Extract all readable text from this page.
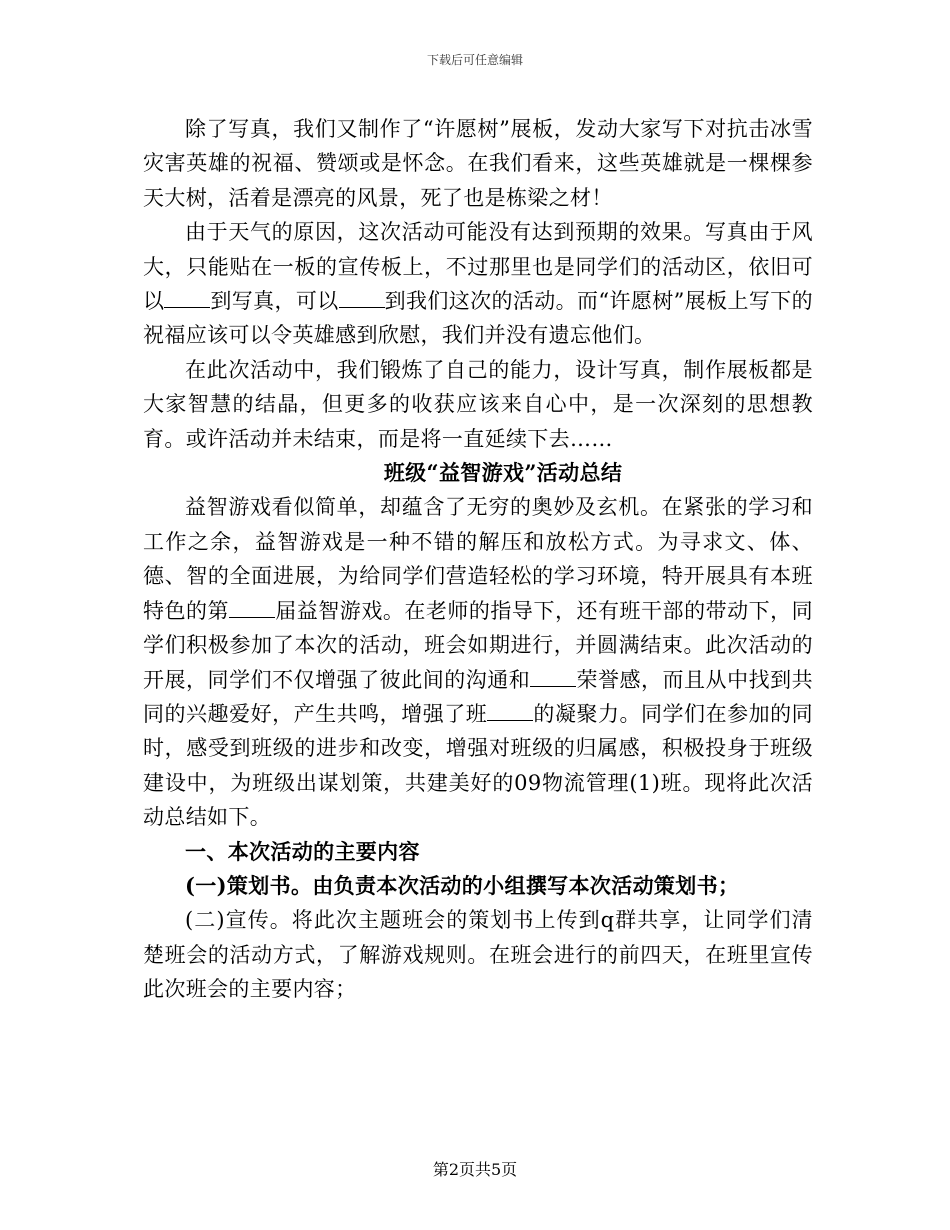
下载后可任意编辑

除了写真，我们又制作了“许愿树”展板，发动大家写下对抗击冰雪灾害英雄的祝福、赞颂或是怀念。在我们看来，这些英雄就是一棵棵参天大树，活着是漂亮的风景，死了也是栋梁之材！

由于天气的原因，这次活动可能没有达到预期的效果。写真由于风大，只能贴在一板的宣传板上，不过那里也是同学们的活动区，依旧可以 到写真，可以 到我们这次的活动。而“许愿树”展板上写下的祝福应该可以令英雄感到欣慰，我们并没有遗忘他们。

在此次活动中，我们锻炼了自己的能力，设计写真，制作展板都是大家智慧的结晶，但更多的收获应该来自心中，是一次深刻的思想教育。或许活动并未结束，而是将一直延续下去……

班级“益智游戏”活动总结

益智游戏看似简单，却蕴含了无穷的奥妙及玄机。在紧张的学习和工作之余，益智游戏是一种不错的解压和放松方式。为寻求文、体、德、智的全面进展，为给同学们营造轻松的学习环境，特开展具有本班特色的第 届益智游戏。在老师的指导下，还有班干部的带动下，同学们积极参加了本次的活动，班会如期进行，并圆满结束。此次活动的开展，同学们不仅增强了彼此间的沟通和 荣誉感，而且从中找到共同的兴趣爱好，产生共鸣，增强了班 的凝聚力。同学们在参加的同时，感受到班级的进步和改变，增强对班级的归属感，积极投身于班级建设中，为班级出谋划策，共建美好的09物流管理(1)班。现将此次活动总结如下。

一、本次活动的主要内容

(一)策划书。由负责本次活动的小组撰写本次活动策划书；

(二)宣传。将此次主题班会的策划书上传到q群共享，让同学们清楚班会的活动方式，了解游戏规则。在班会进行的前四天，在班里宣传此次班会的主要内容；

第2页共5页
